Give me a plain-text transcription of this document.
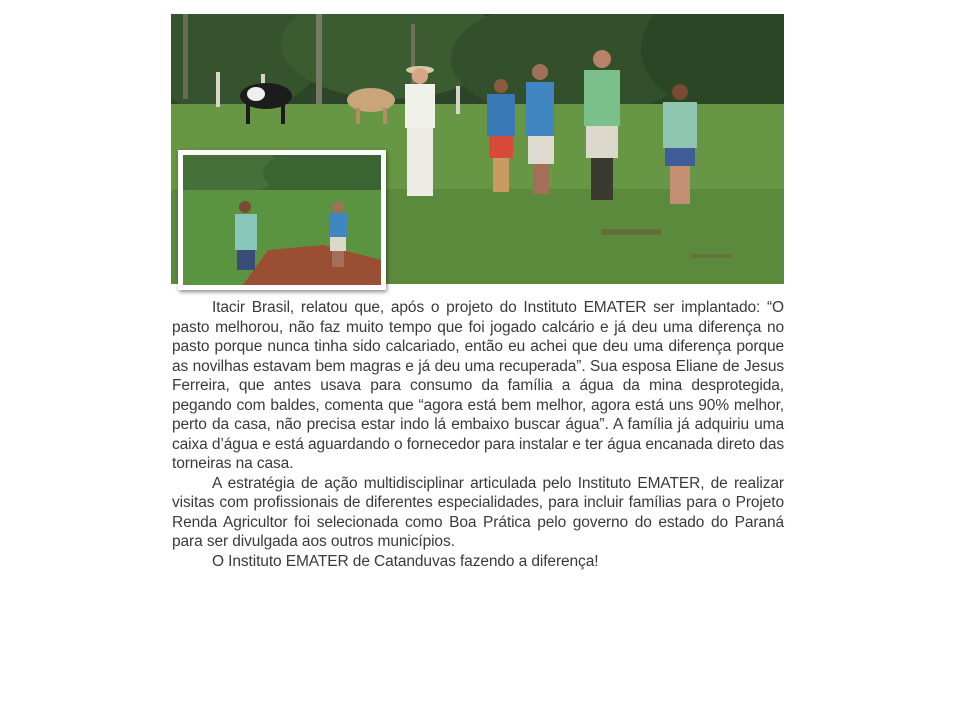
Itacir Brasil, relatou que, após o projeto do Instituto EMATER ser implantado: “O pasto melhorou, não faz muito tempo que foi jogado calcário e já deu uma diferença no pasto porque nunca tinha sido calcariado, então eu achei que deu uma diferença porque as novilhas estavam bem magras e já deu uma recuperada”. Sua esposa Eliane de Jesus Ferreira, que antes usava para consumo da família a água da mina desprotegida, pegando com baldes, comenta que “agora está bem melhor, agora está uns 90% melhor, perto da casa, não precisa estar indo lá embaixo buscar água”. A família já adquiriu uma caixa d’água e está aguardando o fornecedor para instalar e ter água encanada direto das torneiras na casa.

A estratégia de ação multidisciplinar articulada pelo Instituto EMATER, de realizar visitas com profissionais de diferentes especialidades, para incluir famílias para o Projeto Renda Agricultor foi selecionada como Boa Prática pelo governo do estado do Paraná para ser divulgada aos outros municípios.

O Instituto EMATER de Catanduvas fazendo a diferença!
